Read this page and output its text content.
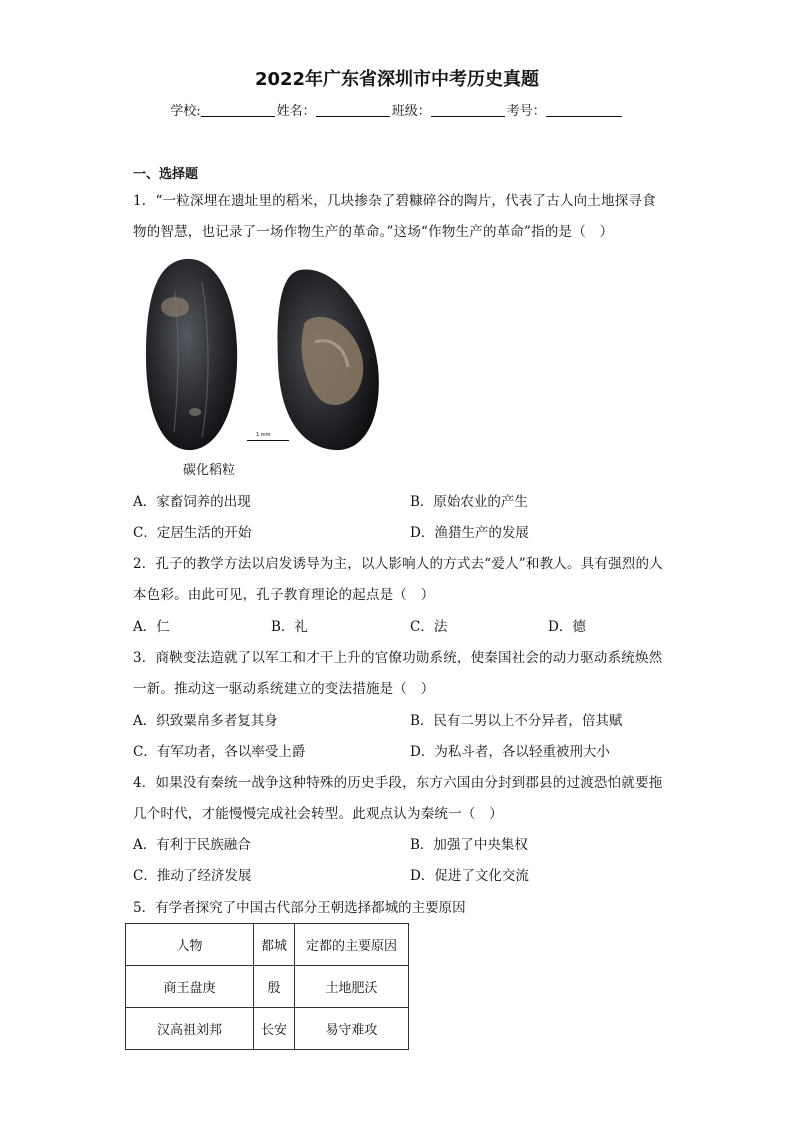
2022年广东省深圳市中考历史真题
学校:	姓名：	班级：	考号：
一、选择题
1．“一粒深埋在遗址里的稻米，几块掺杂了碧糠碎谷的陶片，代表了古人向土地探寻食物的智慧，也记录了一场作物生产的革命。”这场“作物生产的革命”指的是（　）
1 mm
碳化稻粒
A．家畜饲养的出现	B．原始农业的产生
C．定居生活的开始	D．渔猎生产的发展
2．孔子的教学方法以启发诱导为主，以人影响人的方式去“爱人”和教人。具有强烈的人本色彩。由此可见，孔子教育理论的起点是（　）
A．仁	B．礼	C．法	D．德
3．商鞅变法造就了以军工和才干上升的官僚功勋系统，使秦国社会的动力驱动系统焕然一新。推动这一驱动系统建立的变法措施是（　）
A．织致粟帛多者复其身	B．民有二男以上不分异者，倍其赋
C．有军功者，各以率受上爵	D．为私斗者，各以轻重被刑大小
4．如果没有秦统一战争这种特殊的历史手段，东方六国由分封到郡县的过渡恐怕就要拖几个时代，才能慢慢完成社会转型。此观点认为秦统一（　）
A．有利于民族融合	B．加强了中央集权
C．推动了经济发展	D．促进了文化交流
5．有学者探究了中国古代部分王朝选择都城的主要原因
人物	都城	定都的主要原因
商王盘庚	殷	土地肥沃
汉高祖刘邦	长安	易守难攻
